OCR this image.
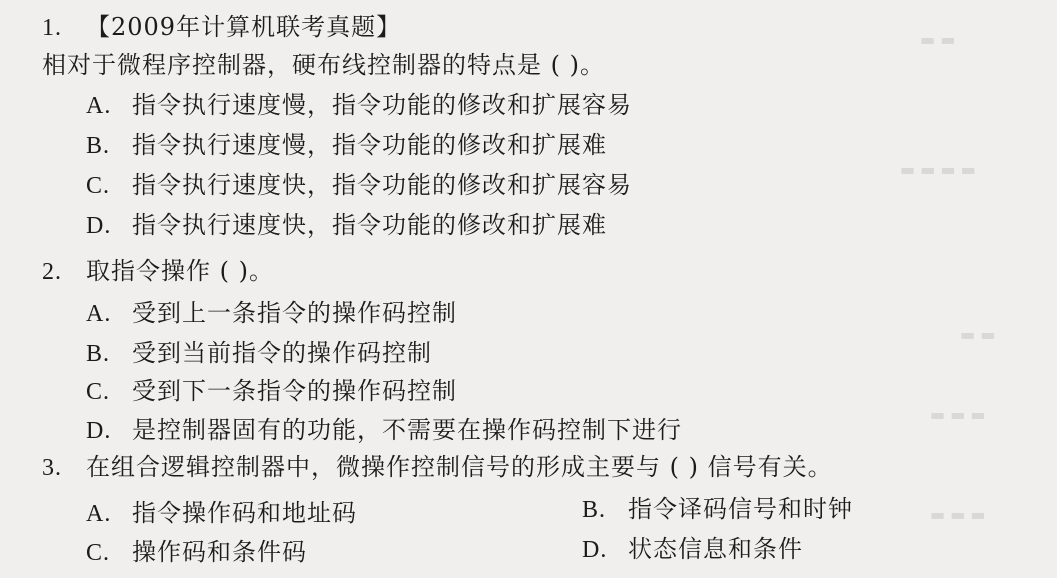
▬ ▬
▬ ▬ ▬ ▬
▬ ▬
▬ ▬ ▬
▬ ▬ ▬
1. 【2009年计算机联考真题】
相对于微程序控制器，硬布线控制器的特点是 ( )。
A. 指令执行速度慢，指令功能的修改和扩展容易
B. 指令执行速度慢，指令功能的修改和扩展难
C. 指令执行速度快，指令功能的修改和扩展容易
D. 指令执行速度快，指令功能的修改和扩展难
2. 取指令操作 ( )。
A. 受到上一条指令的操作码控制
B. 受到当前指令的操作码控制
C. 受到下一条指令的操作码控制
D. 是控制器固有的功能，不需要在操作码控制下进行
3. 在组合逻辑控制器中，微操作控制信号的形成主要与 ( ) 信号有关。
A. 指令操作码和地址码	B. 指令译码信号和时钟
C. 操作码和条件码	D. 状态信息和条件
